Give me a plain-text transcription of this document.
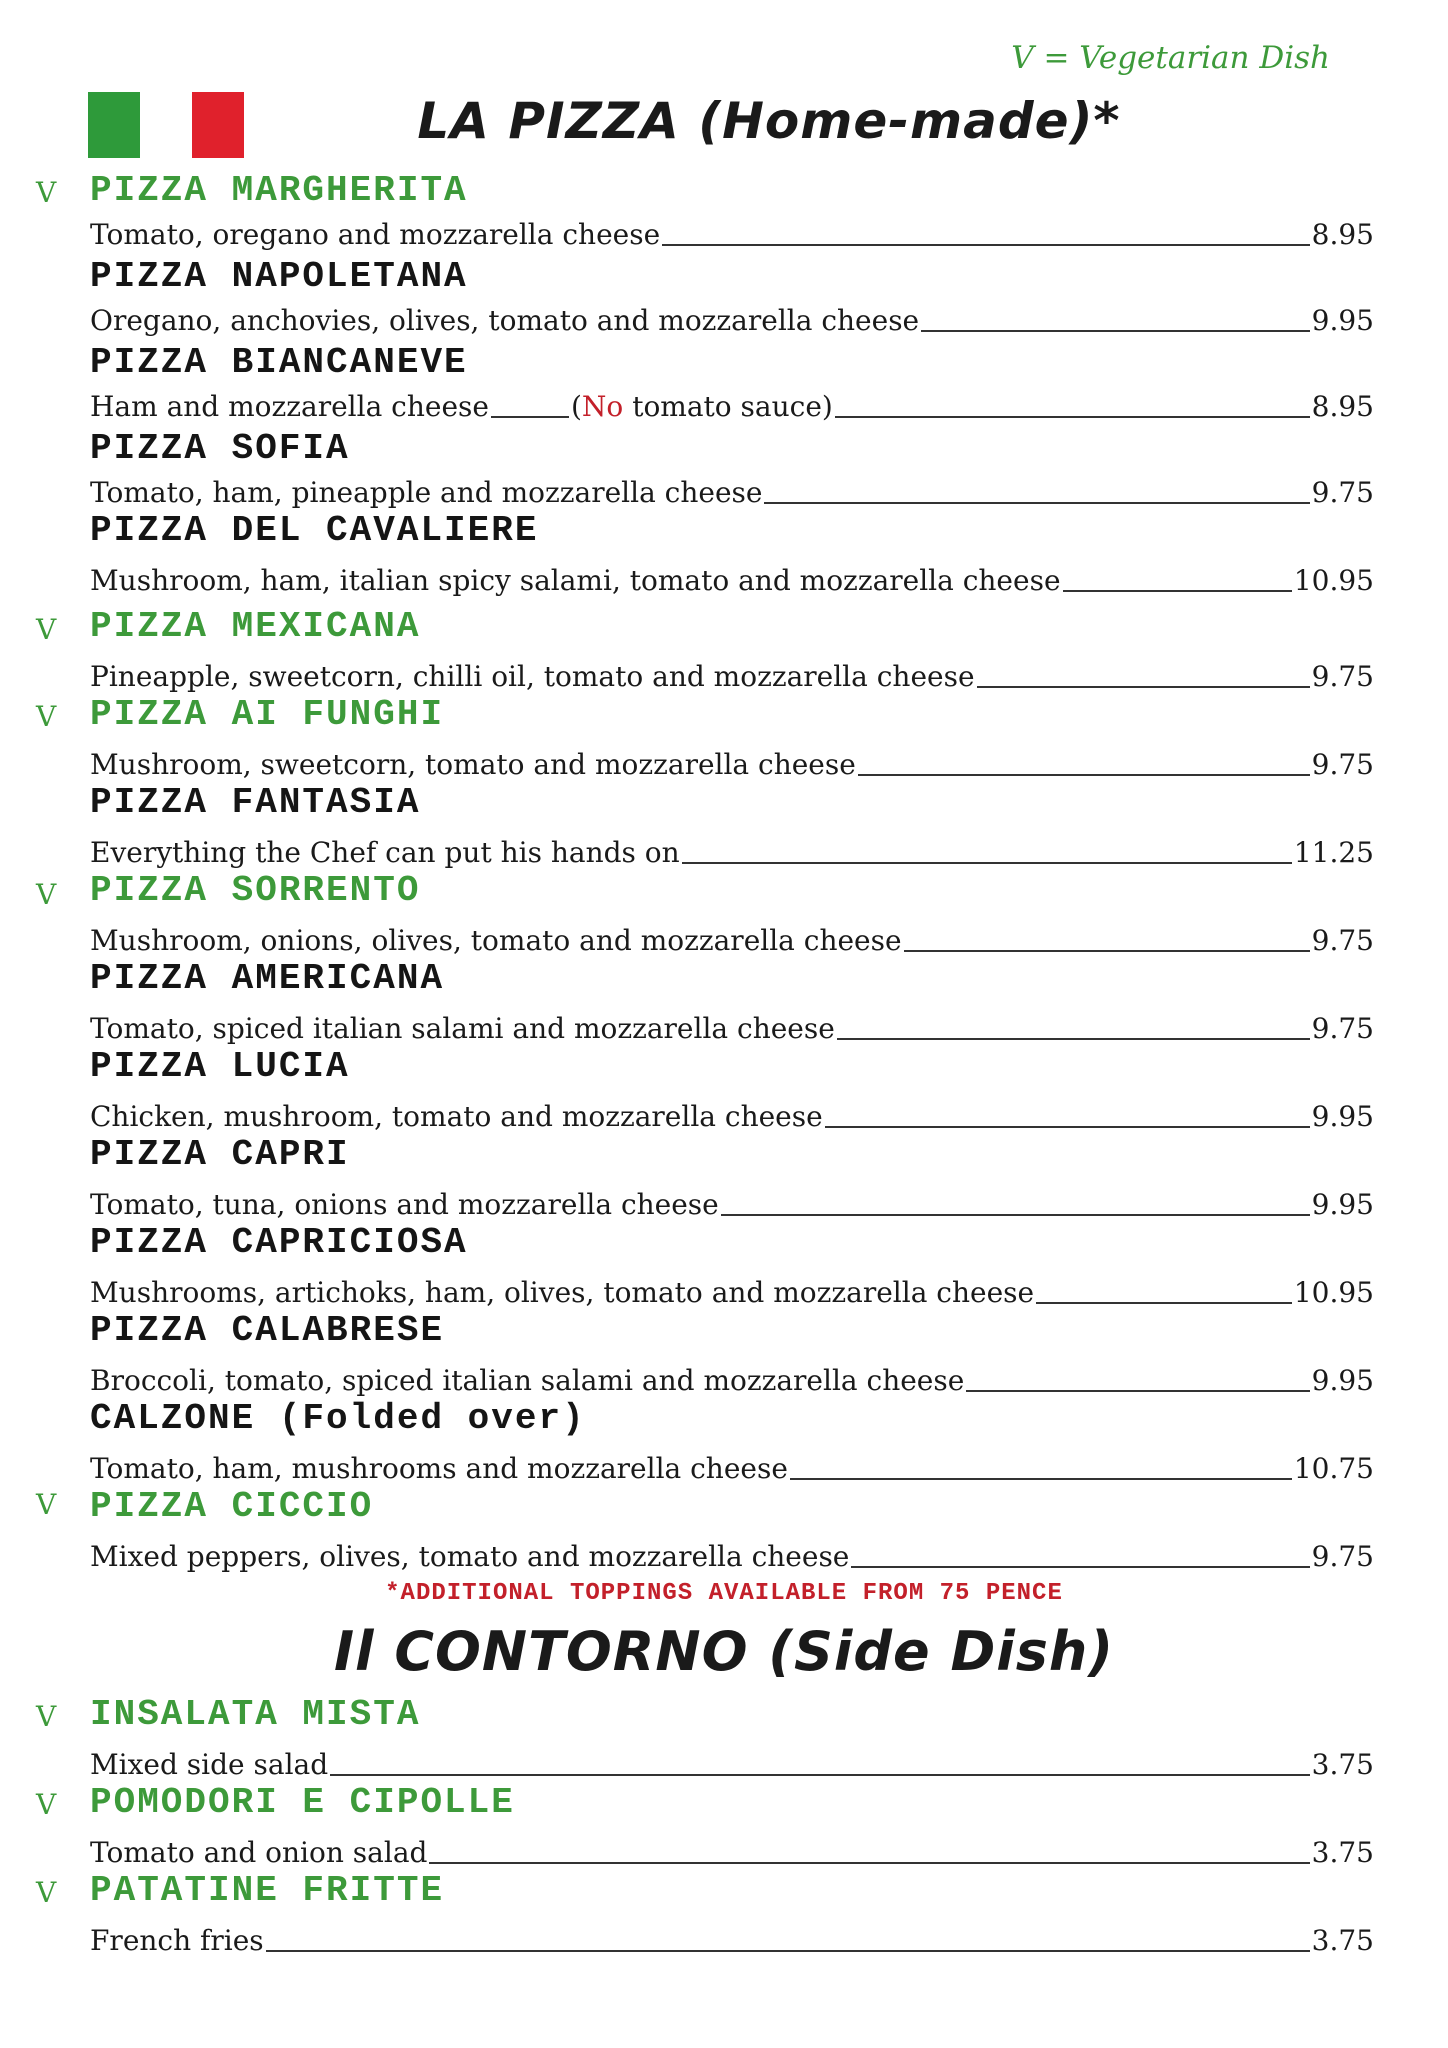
V = Vegetarian Dish
LA PIZZA (Home-made)*
V PIZZA MARGHERITA
Tomato, oregano and mozzarella cheese	8.95
PIZZA NAPOLETANA
Oregano, anchovies, olives, tomato and mozzarella cheese	9.95
PIZZA BIANCANEVE
Ham and mozzarella cheese	(No tomato sauce)	8.95
PIZZA SOFIA
Tomato, ham, pineapple and mozzarella cheese	9.75
PIZZA DEL CAVALIERE
Mushroom, ham, italian spicy salami, tomato and mozzarella cheese	10.95
V PIZZA MEXICANA
Pineapple, sweetcorn, chilli oil, tomato and mozzarella cheese	9.75
V PIZZA AI FUNGHI
Mushroom, sweetcorn, tomato and mozzarella cheese	9.75
PIZZA FANTASIA
Everything the Chef can put his hands on	11.25
V PIZZA SORRENTO
Mushroom, onions, olives, tomato and mozzarella cheese	9.75
PIZZA AMERICANA
Tomato, spiced italian salami and mozzarella cheese	9.75
PIZZA LUCIA
Chicken, mushroom, tomato and mozzarella cheese	9.95
PIZZA CAPRI
Tomato, tuna, onions and mozzarella cheese	9.95
PIZZA CAPRICIOSA
Mushrooms, artichoks, ham, olives, tomato and mozzarella cheese	10.95
PIZZA CALABRESE
Broccoli, tomato, spiced italian salami and mozzarella cheese	9.95
CALZONE (Folded over)
Tomato, ham, mushrooms and mozzarella cheese	10.75
V PIZZA CICCIO
Mixed peppers, olives, tomato and mozzarella cheese	9.75
*ADDITIONAL TOPPINGS AVAILABLE FROM 75 PENCE
Il CONTORNO (Side Dish)
V INSALATA MISTA
Mixed side salad	3.75
V POMODORI E CIPOLLE
Tomato and onion salad	3.75
V PATATINE FRITTE
French fries	3.75
